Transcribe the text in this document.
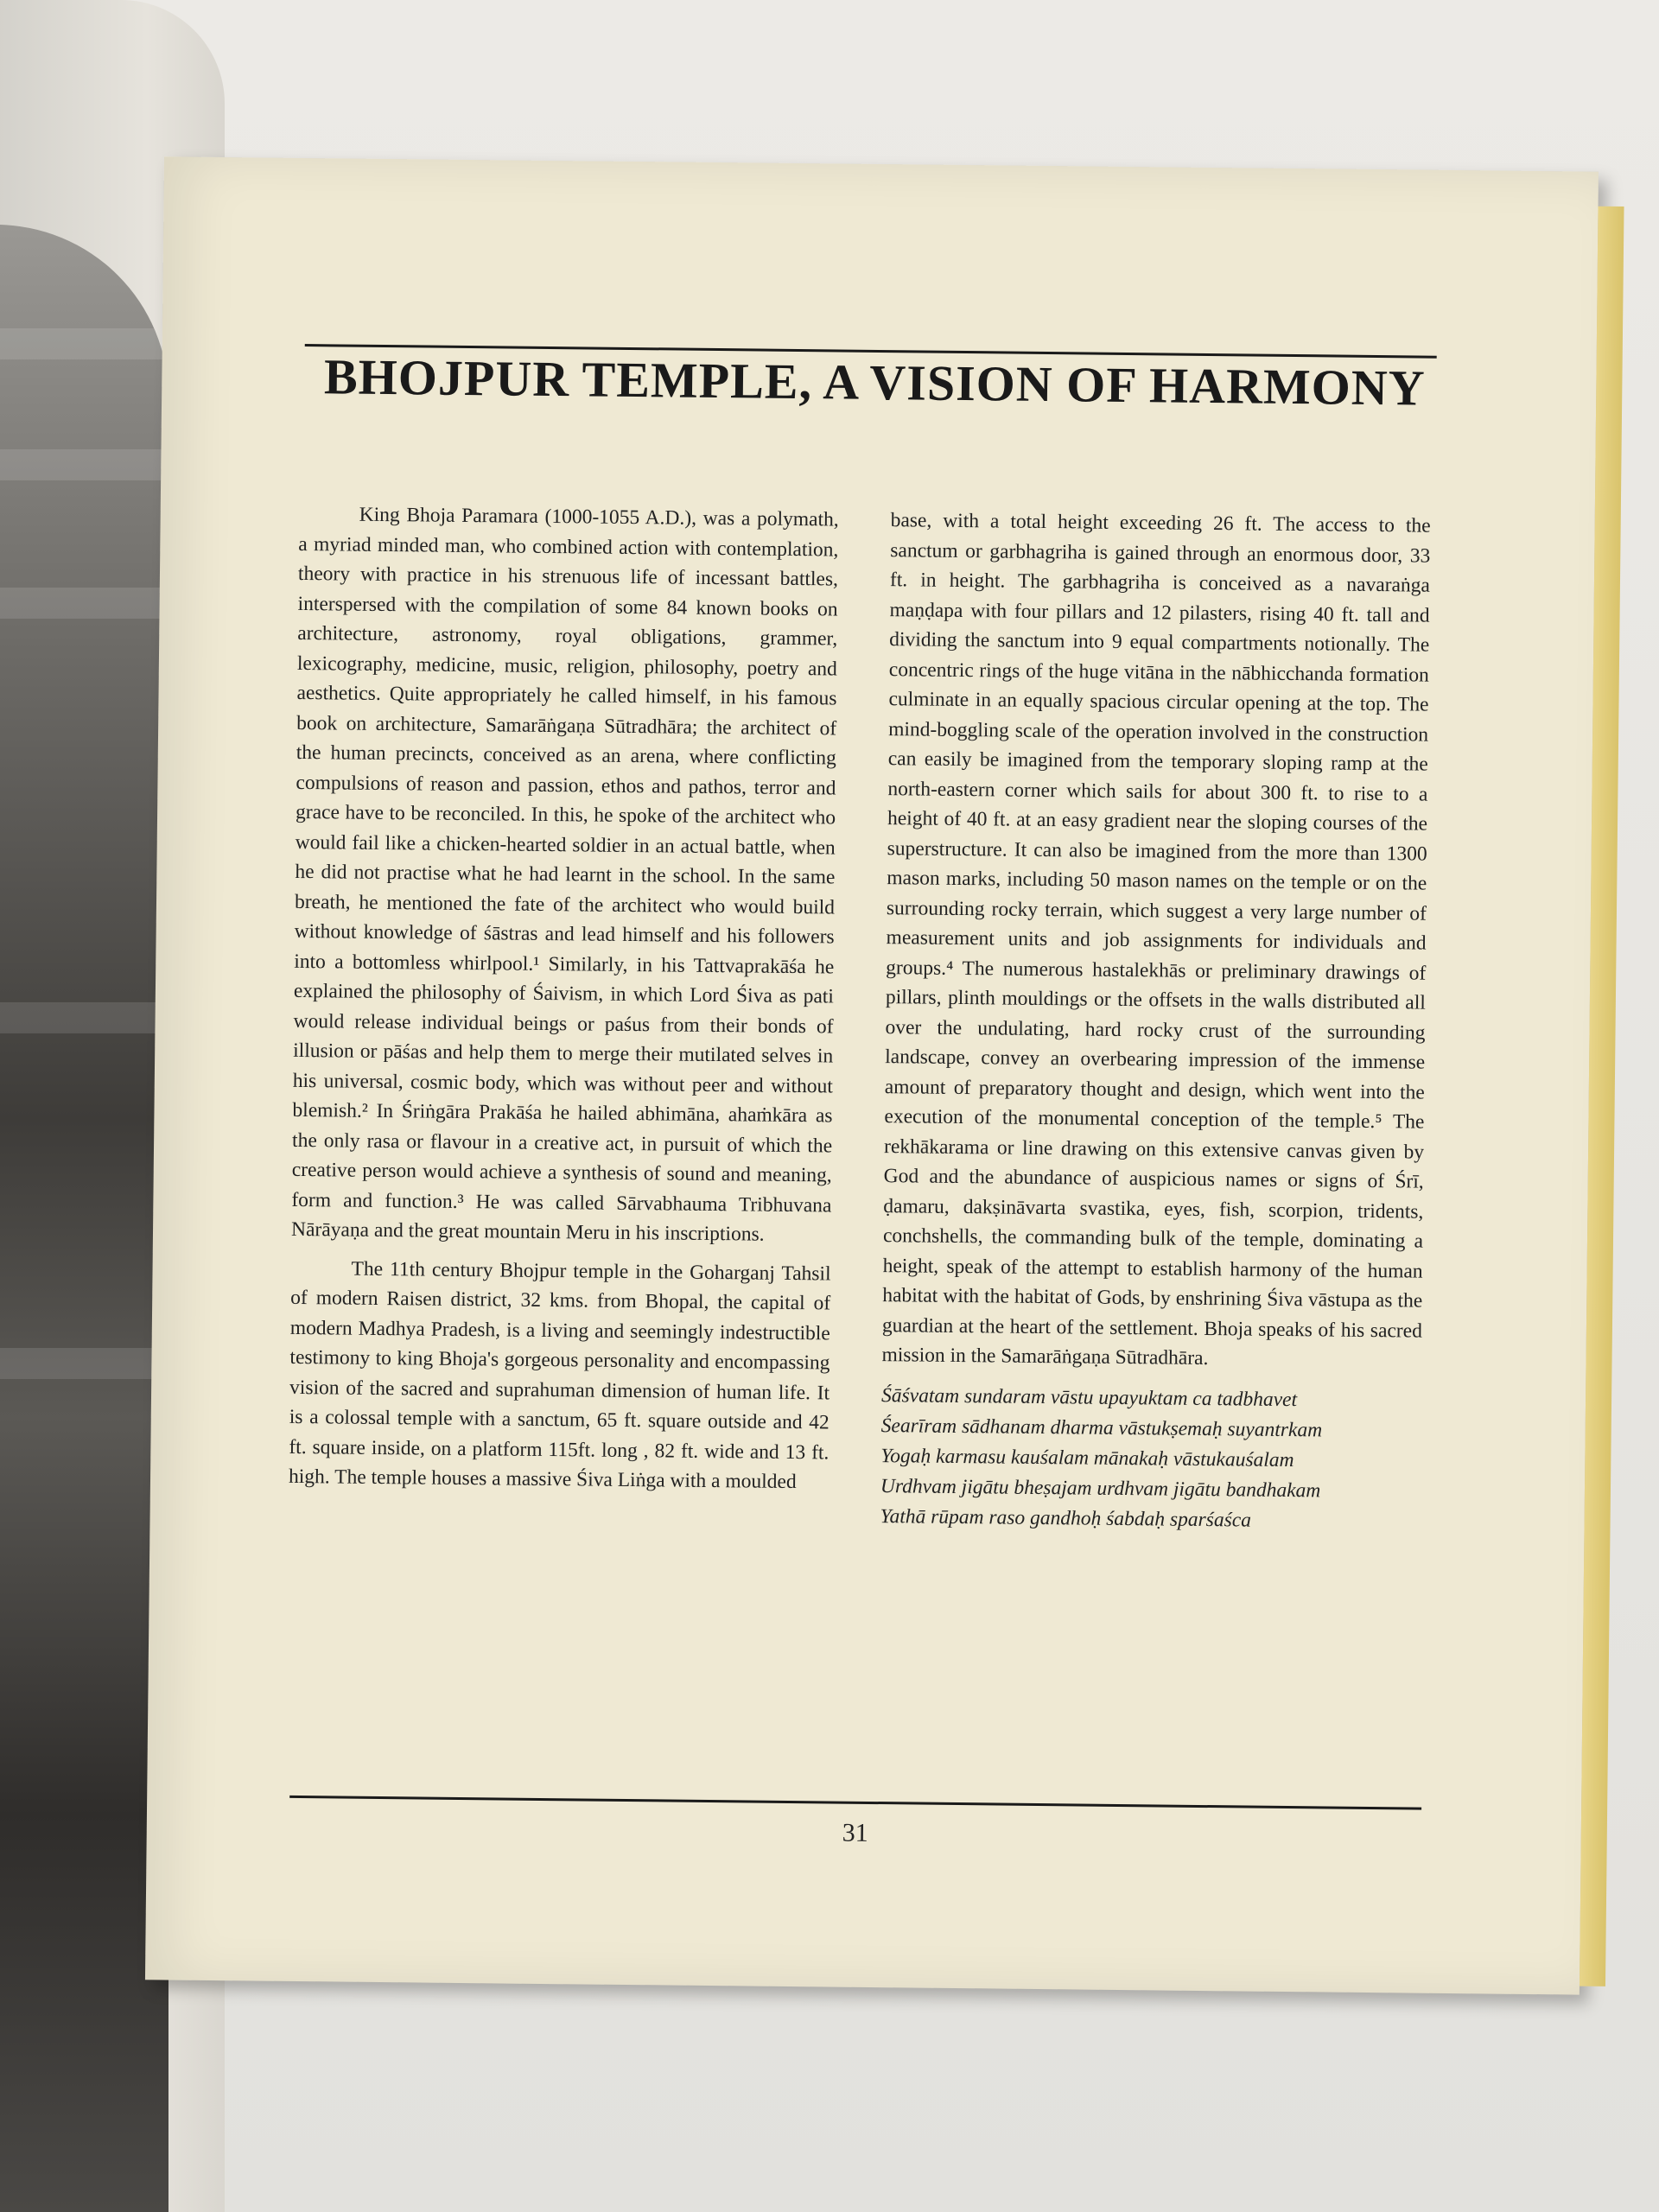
BHOJPUR TEMPLE, A VISION OF HARMONY

King Bhoja Paramara (1000-1055 A.D.), was a polymath, a myriad minded man, who combined action with contemplation, theory with practice in his strenuous life of incessant battles, interspersed with the compilation of some 84 known books on architecture, astronomy, royal obligations, grammer, lexicography, medicine, music, religion, philosophy, poetry and aesthetics. Quite appropriately he called himself, in his famous book on architecture, Samarāṅgaṇa Sūtradhāra; the architect of the human precincts, conceived as an arena, where conflicting compulsions of reason and passion, ethos and pathos, terror and grace have to be reconciled. In this, he spoke of the architect who would fail like a chicken-hearted soldier in an actual battle, when he did not practise what he had learnt in the school. In the same breath, he mentioned the fate of the architect who would build without knowledge of śāstras and lead himself and his followers into a bottomless whirlpool.¹ Similarly, in his Tattvaprakāśa he explained the philosophy of Śaivism, in which Lord Śiva as pati would release individual beings or paśus from their bonds of illusion or pāśas and help them to merge their mutilated selves in his universal, cosmic body, which was without peer and without blemish.² In Śriṅgāra Prakāśa he hailed abhimāna, ahaṁkāra as the only rasa or flavour in a creative act, in pursuit of which the creative person would achieve a synthesis of sound and meaning, form and function.³ He was called Sārvabhauma Tribhuvana Nārāyaṇa and the great mountain Meru in his inscriptions.

The 11th century Bhojpur temple in the Goharganj Tahsil of modern Raisen district, 32 kms. from Bhopal, the capital of modern Madhya Pradesh, is a living and seemingly indestructible testimony to king Bhoja's gorgeous personality and encompassing vision of the sacred and suprahuman dimension of human life. It is a colossal temple with a sanctum, 65 ft. square outside and 42 ft. square inside, on a platform 115ft. long , 82 ft. wide and 13 ft. high. The temple houses a massive Śiva Liṅga with a moulded

base, with a total height exceeding 26 ft. The access to the sanctum or garbhagriha is gained through an enormous door, 33 ft. in height. The garbhagriha is conceived as a navaraṅga maṇḍapa with four pillars and 12 pilasters, rising 40 ft. tall and dividing the sanctum into 9 equal compartments notionally. The concentric rings of the huge vitāna in the nābhicchanda formation culminate in an equally spacious circular opening at the top. The mind-boggling scale of the operation involved in the construction can easily be imagined from the temporary sloping ramp at the north-eastern corner which sails for about 300 ft. to rise to a height of 40 ft. at an easy gradient near the sloping courses of the superstructure. It can also be imagined from the more than 1300 mason marks, including 50 mason names on the temple or on the surrounding rocky terrain, which suggest a very large number of measurement units and job assignments for individuals and groups.⁴ The numerous hastalekhās or preliminary drawings of pillars, plinth mouldings or the offsets in the walls distributed all over the undulating, hard rocky crust of the surrounding landscape, convey an overbearing impression of the immense amount of preparatory thought and design, which went into the execution of the monumental conception of the temple.⁵ The rekhākarama or line drawing on this extensive canvas given by God and the abundance of auspicious names or signs of Śrī, ḍamaru, dakṣināvarta svastika, eyes, fish, scorpion, tridents, conchshells, the commanding bulk of the temple, dominating a height, speak of the attempt to establish harmony of the human habitat with the habitat of Gods, by enshrining Śiva vāstupa as the guardian at the heart of the settlement. Bhoja speaks of his sacred mission in the Samarāṅgaṇa Sūtradhāra.

Śāśvatam sundaram vāstu upayuktam ca tadbhavet
Śearīram sādhanam dharma vāstukṣemaḥ suyantrkam
Yogaḥ karmasu kauśalam mānakaḥ vāstukauśalam
Urdhvam jigātu bheṣajam urdhvam jigātu bandhakam
Yathā rūpam raso gandhoḥ śabdaḥ sparśaśca
31
